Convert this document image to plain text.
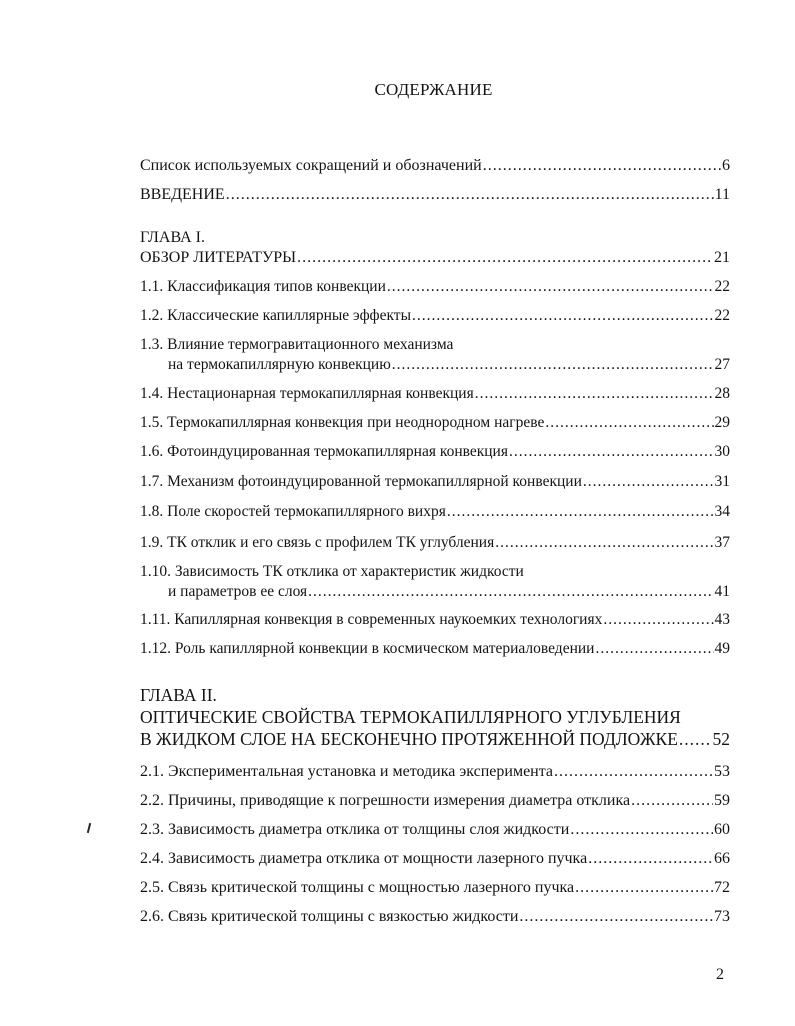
СОДЕРЖАНИЕ
Список используемых сокращений и обозначений .....	6
ВВЕДЕНИЕ .....	11
ГЛАВА I.
ОБЗОР ЛИТЕРАТУРЫ .....	21
1.1. Классификация типов конвекции .....	22
1.2. Классические капиллярные эффекты .....	22
1.3. Влияние термогравитационного механизма
на термокапиллярную конвекцию .....	27
1.4. Нестационарная термокапиллярная конвекция .....	28
1.5. Термокапиллярная конвекция при неоднородном нагреве .....	29
1.6. Фотоиндуцированная термокапиллярная конвекция .....	30
1.7. Механизм фотоиндуцированной термокапиллярной конвекции .....	31
1.8. Поле скоростей термокапиллярного вихря .....	34
1.9. ТК отклик и его связь с профилем ТК углубления .....	37
1.10. Зависимость ТК отклика от характеристик жидкости
и параметров ее слоя .....	41
1.11. Капиллярная конвекция в современных наукоемких технологиях .....	43
1.12. Роль капиллярной конвекции в космическом материаловедении .....	49
ГЛАВА II.
ОПТИЧЕСКИЕ СВОЙСТВА ТЕРМОКАПИЛЛЯРНОГО УГЛУБЛЕНИЯ
В ЖИДКОМ СЛОЕ НА БЕСКОНЕЧНО ПРОТЯЖЕННОЙ ПОДЛОЖКЕ ..... 52
2.1. Экспериментальная установка и методика эксперимента .....	53
2.2. Причины, приводящие к погрешности измерения диаметра отклика .....	59
2.3. Зависимость диаметра отклика от толщины слоя жидкости .....	60
2.4. Зависимость диаметра отклика от мощности лазерного пучка .....	66
2.5. Связь критической толщины с мощностью лазерного пучка .....	72
2.6. Связь критической толщины с вязкостью жидкости .....	73
2
